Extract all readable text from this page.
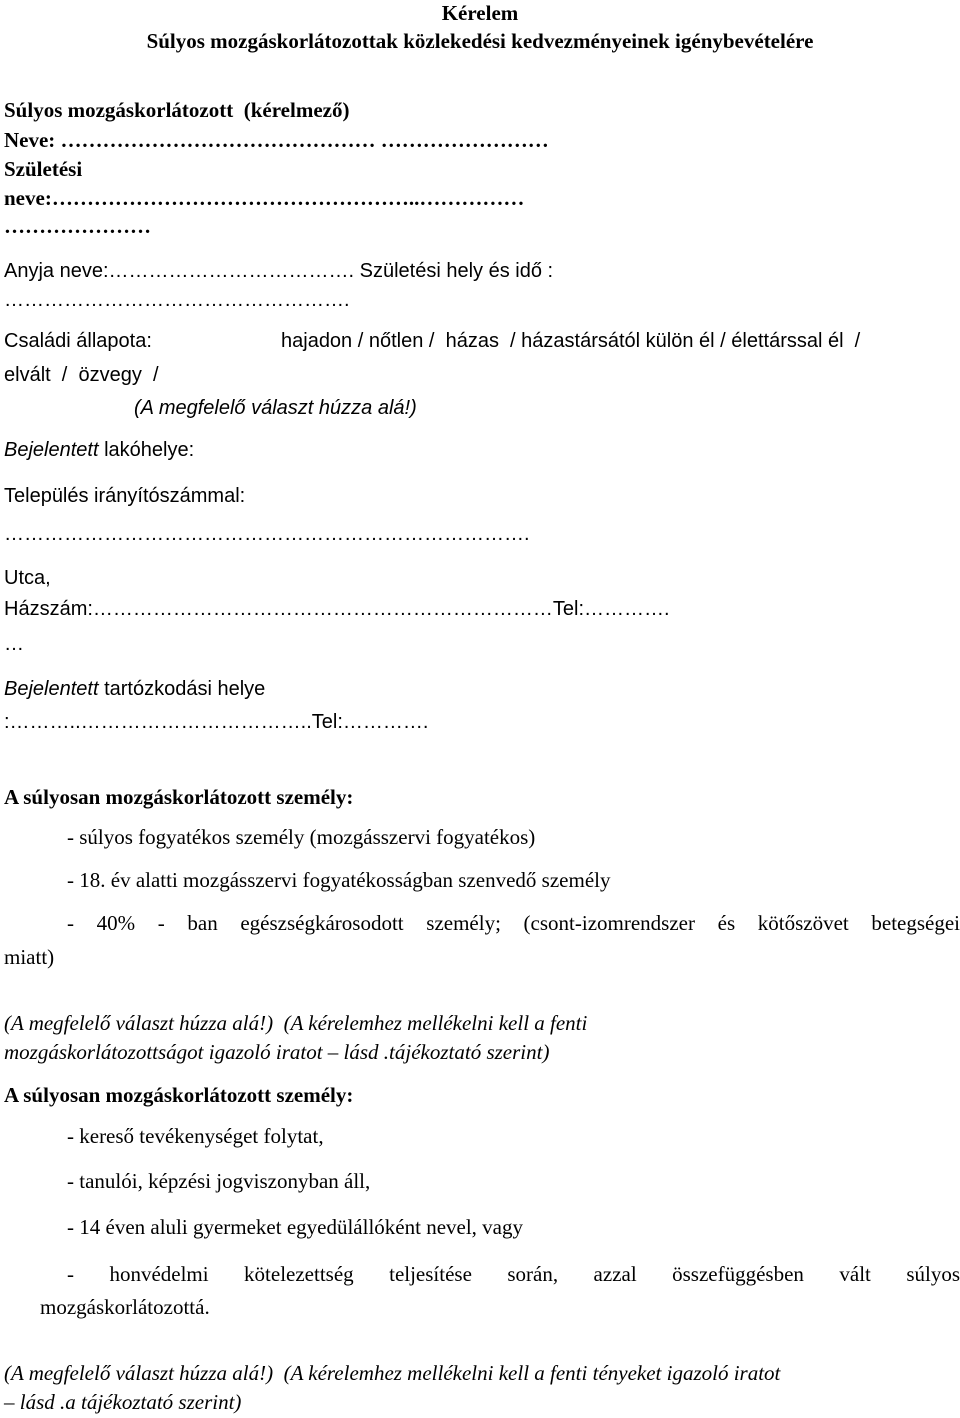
Kérelem
Súlyos mozgáskorlátozottak közlekedési kedvezményeinek igénybevételére
Súlyos mozgáskorlátozott  (kérelmező)
Neve: ……………………………………… ……………………
Születési
neve:……………………………………………..……………
…………………
Anyja neve:………………………………. Születési hely és idő :
…………………………………………….
Családi állapota:	hajadon / nőtlen /  házas  / házastársától külön él / élettárssal él  /
elvált  /  özvegy  /
(A megfelelő választ húzza alá!)
Bejelentett lakóhelye:
Település irányítószámmal:
…………………………………………………………………….
Utca,
Házszám:……………………………………………………………Tel:………….
…
Bejelentett tartózkodási helye
:………..……………………………..Tel:………….
A súlyosan mozgáskorlátozott személy:
- súlyos fogyatékos személy (mozgásszervi fogyatékos)
- 18. év alatti mozgásszervi fogyatékosságban szenvedő személy
- 40% - ban egészségkárosodott személy; (csont-izomrendszer és kötőszövet betegségei
miatt)
(A megfelelő választ húzza alá!)  (A kérelemhez mellékelni kell a fenti
mozgáskorlátozottságot igazoló iratot – lásd .tájékoztató szerint)
A súlyosan mozgáskorlátozott személy:
- kereső tevékenységet folytat,
- tanulói, képzési jogviszonyban áll,
- 14 éven aluli gyermeket egyedülállóként nevel, vagy
- honvédelmi kötelezettség teljesítése során, azzal összefüggésben vált súlyos
mozgáskorlátozottá.
(A megfelelő választ húzza alá!)  (A kérelemhez mellékelni kell a fenti tényeket igazoló iratot
– lásd .a tájékoztató szerint)
